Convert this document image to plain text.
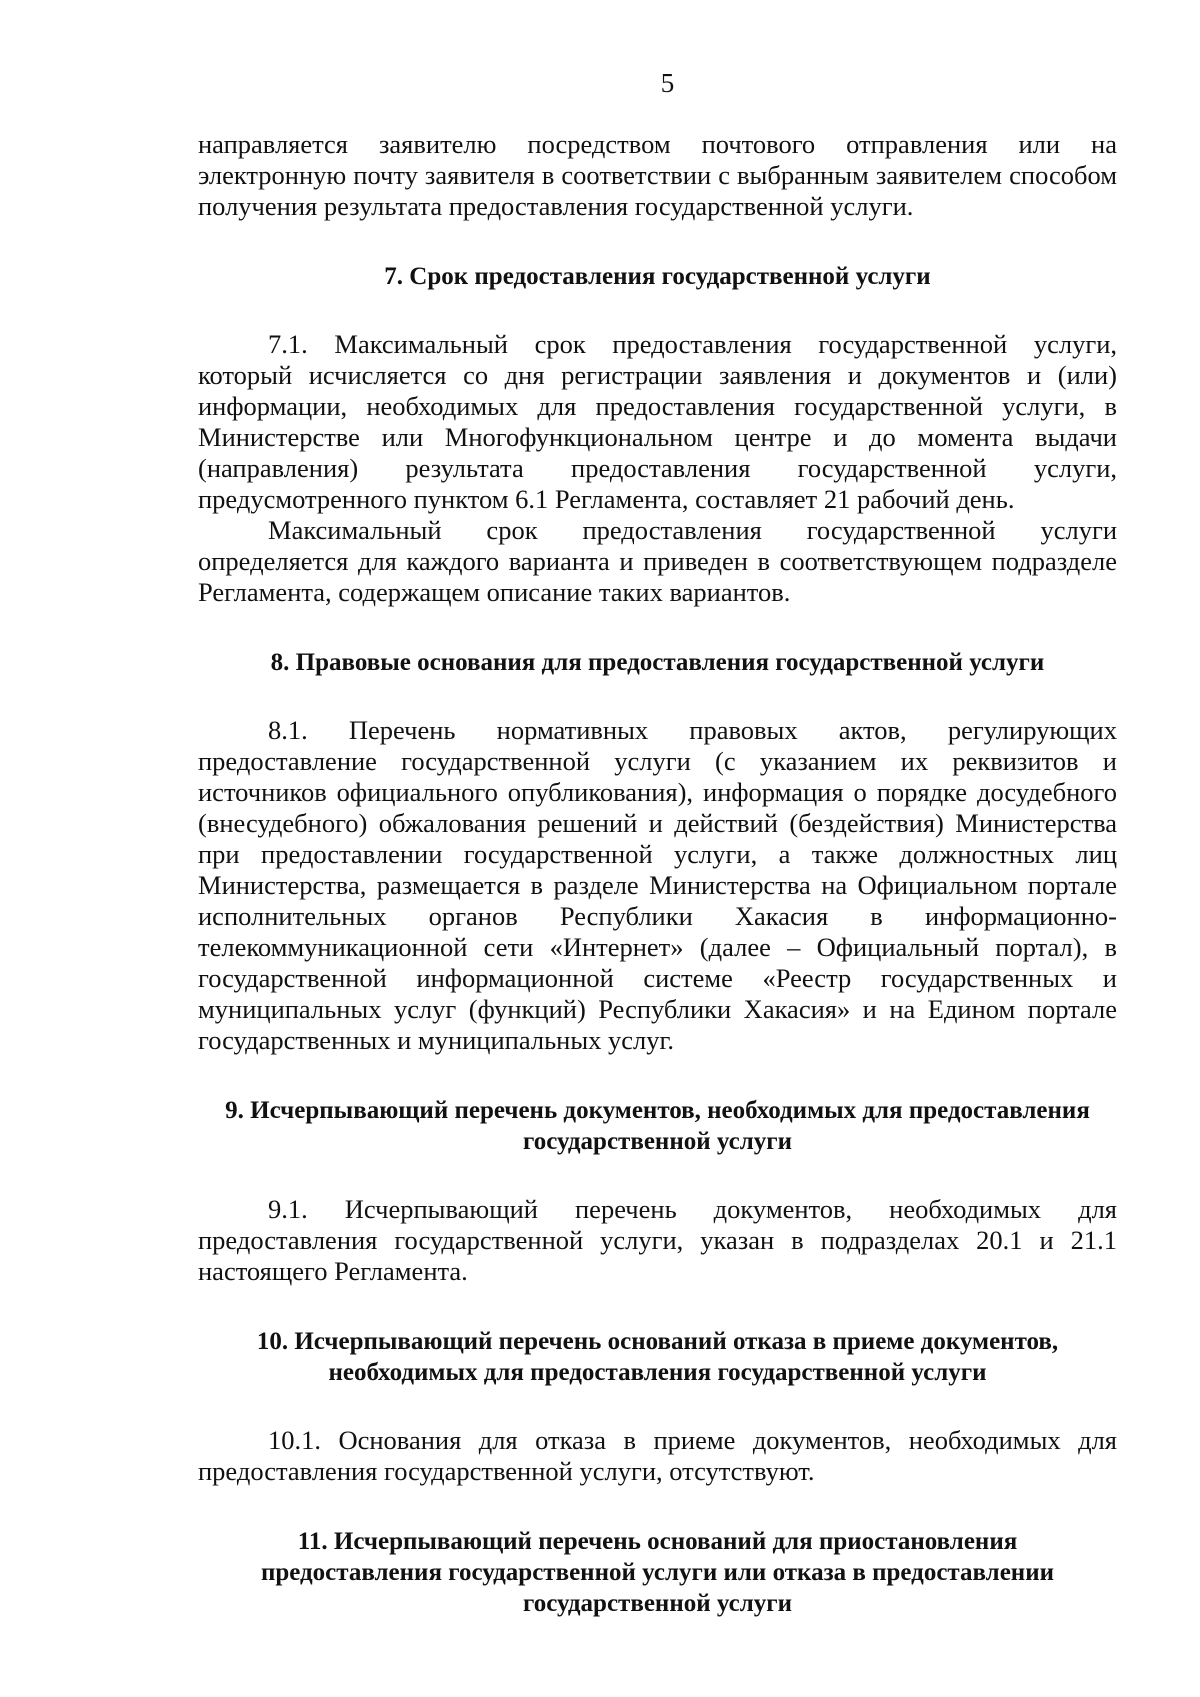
5

направляется заявителю посредством почтового отправления или на электронную почту заявителя в соответствии с выбранным заявителем способом получения результата предоставления государственной услуги.

7. Срок предоставления государственной услуги

7.1. Максимальный срок предоставления государственной услуги, который исчисляется со дня регистрации заявления и документов и (или) информации, необходимых для предоставления государственной услуги, в Министерстве или Многофункциональном центре и до момента выдачи (направления) результата предоставления государственной услуги, предусмотренного пунктом 6.1 Регламента, составляет 21 рабочий день.

Максимальный срок предоставления государственной услуги определяется для каждого варианта и приведен в соответствующем подразделе Регламента, содержащем описание таких вариантов.

8. Правовые основания для предоставления государственной услуги

8.1. Перечень нормативных правовых актов, регулирующих предоставление государственной услуги (с указанием их реквизитов и источников официального опубликования), информация о порядке досудебного (внесудебного) обжалования решений и действий (бездействия) Министерства при предоставлении государственной услуги, а также должностных лиц Министерства, размещается в разделе Министерства на Официальном портале исполнительных органов Республики Хакасия в информационно-телекоммуникационной сети «Интернет» (далее – Официальный портал), в государственной информационной системе «Реестр государственных и муниципальных услуг (функций) Республики Хакасия» и на Едином портале государственных и муниципальных услуг.

9. Исчерпывающий перечень документов, необходимых для предоставления
государственной услуги

9.1. Исчерпывающий перечень документов, необходимых для предоставления государственной услуги, указан в подразделах 20.1 и 21.1 настоящего Регламента.

10. Исчерпывающий перечень оснований отказа в приеме документов,
необходимых для предоставления государственной услуги

10.1. Основания для отказа в приеме документов, необходимых для предоставления государственной услуги, отсутствуют.

11. Исчерпывающий перечень оснований для приостановления
предоставления государственной услуги или отказа в предоставлении
государственной услуги
